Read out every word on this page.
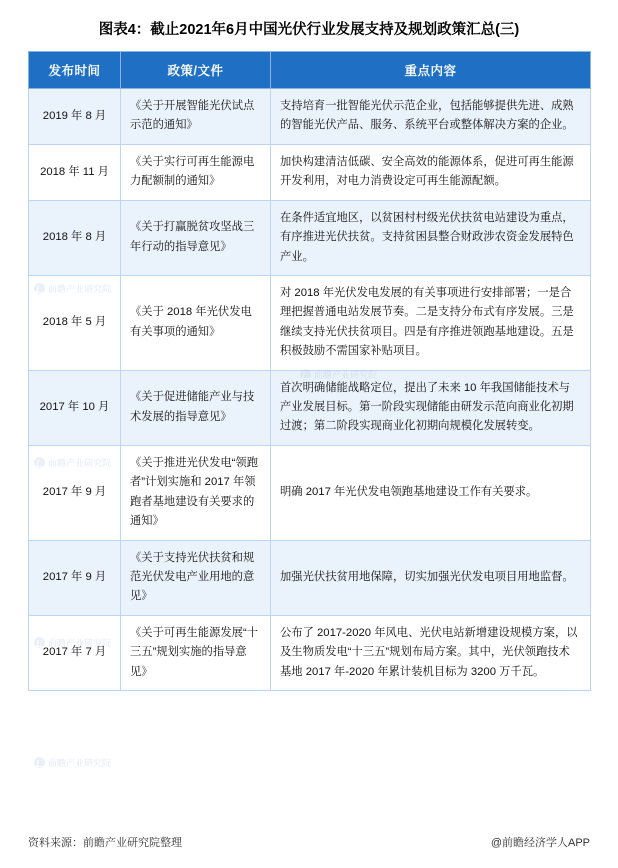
图表4：截止2021年6月中国光伏行业发展支持及规划政策汇总(三)
发布时间	政策/文件	重点内容
2019 年 8 月	《关于开展智能光伏试点示范的通知》	支持培育一批智能光伏示范企业，包括能够提供先进、成熟的智能光伏产品、服务、系统平台或整体解决方案的企业。
2018 年 11 月	《关于实行可再生能源电力配额制的通知》	加快构建清洁低碳、安全高效的能源体系，促进可再生能源开发利用，对电力消费设定可再生能源配额。
2018 年 8 月	《关于打赢脱贫攻坚战三年行动的指导意见》	在条件适宜地区，以贫困村村级光伏扶贫电站建设为重点，有序推进光伏扶贫。支持贫困县整合财政涉农资金发展特色产业。
2018 年 5 月	《关于 2018 年光伏发电有关事项的通知》	对 2018 年光伏发电发展的有关事项进行安排部署；一是合理把握普通电站发展节奏。二是支持分布式有序发展。三是继续支持光伏扶贫项目。四是有序推进领跑基地建设。五是积极鼓励不需国家补贴项目。
2017 年 10 月	《关于促进储能产业与技术发展的指导意见》	首次明确储能战略定位，提出了未来 10 年我国储能技术与产业发展目标。第一阶段实现储能由研发示范向商业化初期过渡；第二阶段实现商业化初期向规模化发展转变。
2017 年 9 月	《关于推进光伏发电“领跑者”计划实施和 2017 年领跑者基地建设有关要求的通知》	明确 2017 年光伏发电领跑基地建设工作有关要求。
2017 年 9 月	《关于支持光伏扶贫和规范光伏发电产业用地的意见》	加强光伏扶贫用地保障，切实加强光伏发电项目用地监督。
2017 年 7 月	《关于可再生能源发展“十三五”规划实施的指导意见》	公布了 2017-2020 年风电、光伏电站新增建设规模方案，以及生物质发电“十三五”规划布局方案。其中，光伏领跑技术基地 2017 年-2020 年累计装机目标为 3200 万千瓦。
前瞻产业研究院
前瞻产业研究院
前瞻产业研究院
前瞻产业研究院
前瞻产业研究院
资料来源：前瞻产业研究院整理	@前瞻经济学人APP
